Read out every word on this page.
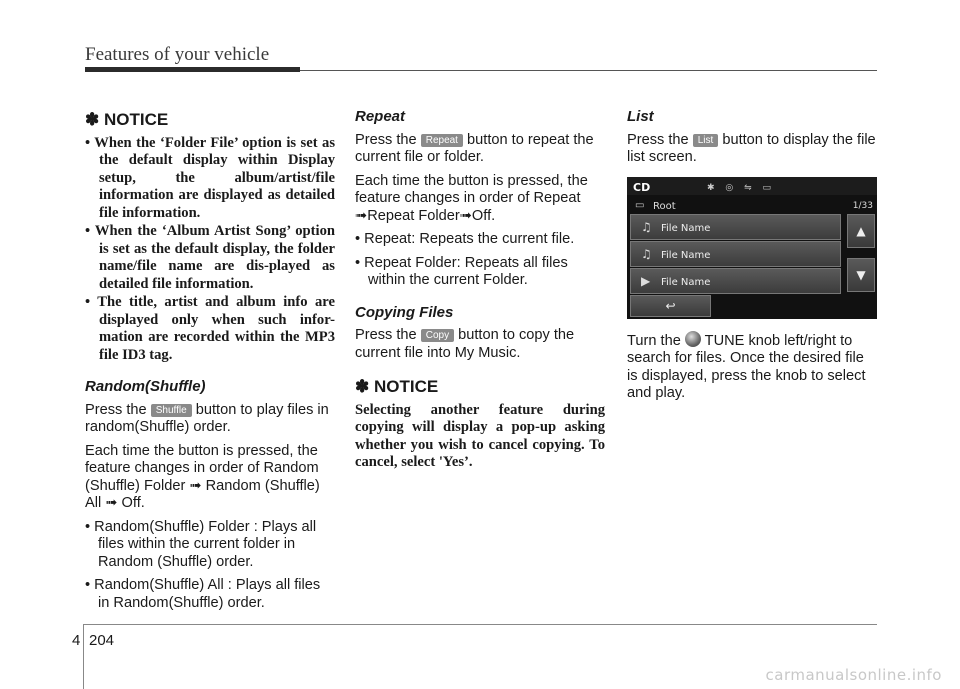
Features of your vehicle
✽ NOTICE
• When the ‘Folder File’ option is set as the default display within Display setup, the album/artist/file information are displayed as detailed file information.
• When the ‘Album Artist Song’ option is set as the default display, the folder name/file name are dis-played as detailed file information.
• The title, artist and album info are displayed only when such infor-mation are recorded within the MP3 file ID3 tag.
Random(Shuffle)

Press the Shuffle button to play files in random(Shuffle) order.

Each time the button is pressed, the feature changes in order of Random (Shuffle) Folder ➟ Random (Shuffle) All ➟ Off.

• Random(Shuffle) Folder : Plays all files within the current folder in Random (Shuffle) order.
• Random(Shuffle) All : Plays all files in Random(Shuffle) order.
Repeat

Press the Repeat button to repeat the current file or folder.

Each time the button is pressed, the feature changes in order of Repeat ➟Repeat Folder➟Off.

• Repeat: Repeats the current file.
• Repeat Folder: Repeats all files within the current Folder.
Copying Files

Press the Copy button to copy the current file into My Music.

✽ NOTICE
Selecting another feature during copying will display a pop-up asking whether you wish to cancel copying. To cancel, select 'Yes’.
List

Press the List button to display the file list screen.

CD	✱ ◎ ⇋ ▭
▭ Root	1/33
♫ File Name
♫ File Name
▶ File Name
▲
▼
↩

Turn the TUNE knob left/right to search for files. Once the desired file is displayed, press the knob to select and play.

4 204
carmanualsonline.info
